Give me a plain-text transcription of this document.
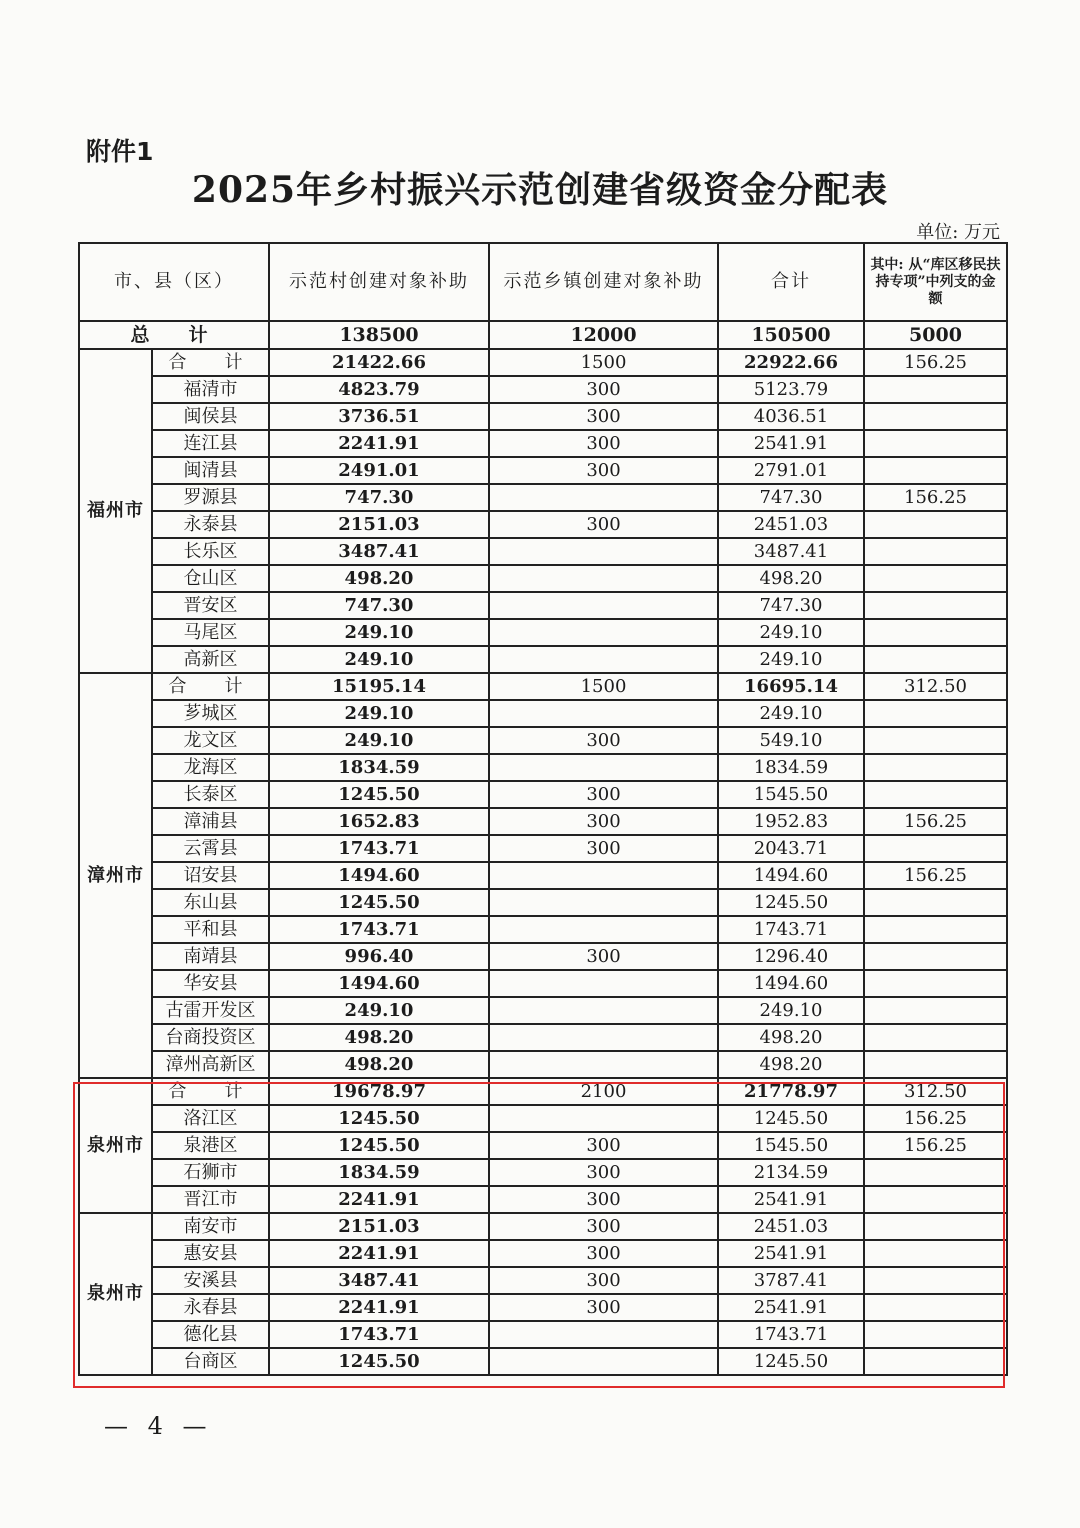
附件1
2025年乡村振兴示范创建省级资金分配表
单位: 万元
市、县（区）		示范村创建对象补助	示范乡镇创建对象补助	合计	其中: 从“库区移民扶持专项”中列支的金额
总　计		138500	12000	150500	5000
福州市	合　计	21422.66	1500	22922.66	156.25
	福清市	4823.79	300	5123.79	
	闽侯县	3736.51	300	4036.51	
	连江县	2241.91	300	2541.91	
	闽清县	2491.01	300	2791.01	
	罗源县	747.30		747.30	156.25
	永泰县	2151.03	300	2451.03	
	长乐区	3487.41		3487.41	
	仓山区	498.20		498.20	
	晋安区	747.30		747.30	
	马尾区	249.10		249.10	
	高新区	249.10		249.10	
漳州市	合　计	15195.14	1500	16695.14	312.50
	芗城区	249.10		249.10	
	龙文区	249.10	300	549.10	
	龙海区	1834.59		1834.59	
	长泰区	1245.50	300	1545.50	
	漳浦县	1652.83	300	1952.83	156.25
	云霄县	1743.71	300	2043.71	
	诏安县	1494.60		1494.60	156.25
	东山县	1245.50		1245.50	
	平和县	1743.71		1743.71	
	南靖县	996.40	300	1296.40	
	华安县	1494.60		1494.60	
	古雷开发区	249.10		249.10	
	台商投资区	498.20		498.20	
	漳州高新区	498.20		498.20	
泉州市	合　计	19678.97	2100	21778.97	312.50
	洛江区	1245.50		1245.50	156.25
	泉港区	1245.50	300	1545.50	156.25
	石狮市	1834.59	300	2134.59	
	晋江市	2241.91	300	2541.91	
泉州市	南安市	2151.03	300	2451.03	
	惠安县	2241.91	300	2541.91	
	安溪县	3487.41	300	3787.41	
	永春县	2241.91	300	2541.91	
	德化县	1743.71		1743.71	
	台商区	1245.50		1245.50	
— 4 —
